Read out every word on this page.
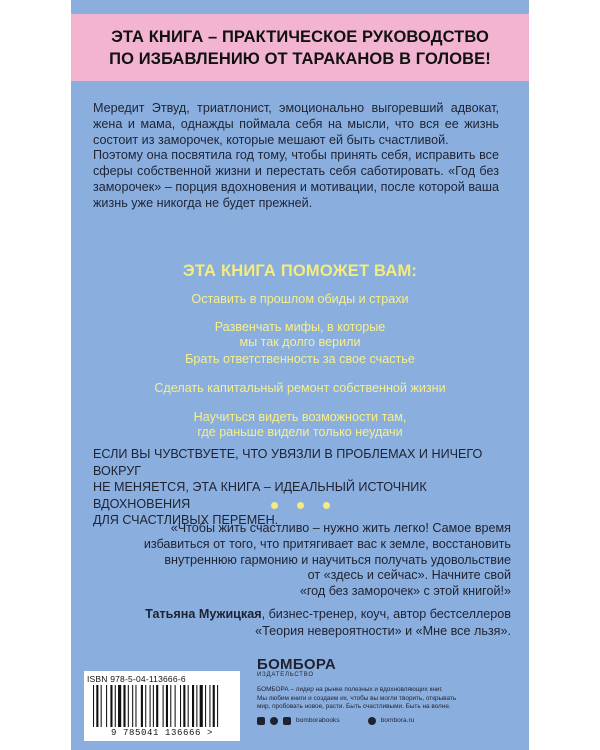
ЭТА КНИГА – ПРАКТИЧЕСКОЕ РУКОВОДСТВО
ПО ИЗБАВЛЕНИЮ ОТ ТАРАКАНОВ В ГОЛОВЕ!

Мередит Этвуд, триатлонист, эмоционально выгоревший адвокат, жена и мама, однажды поймала себя на мысли, что вся ее жизнь состоит из заморочек, которые мешают ей быть счастливой.

Поэтому она посвятила год тому, чтобы принять себя, исправить все сферы собственной жизни и перестать себя саботировать. «Год без заморочек» – порция вдохновения и мотивации, после которой ваша жизнь уже никогда не будет прежней.

ЭТА КНИГА ПОМОЖЕТ ВАМ:
Оставить в прошлом обиды и страхи
Развенчать мифы, в которые
мы так долго верили
Брать ответственность за свое счастье
Сделать капитальный ремонт собственной жизни
Научиться видеть возможности там,
где раньше видели только неудачи
ЕСЛИ ВЫ ЧУВСТВУЕТЕ, ЧТО УВЯЗЛИ В ПРОБЛЕМАХ И НИЧЕГО ВОКРУГ
НЕ МЕНЯЕТСЯ, ЭТА КНИГА – ИДЕАЛЬНЫЙ ИСТОЧНИК ВДОХНОВЕНИЯ
ДЛЯ СЧАСТЛИВЫХ ПЕРЕМЕН.
«Чтобы жить счастливо – нужно жить легко! Самое время
избавиться от того, что притягивает вас к земле, восстановить
внутреннюю гармонию и научиться получать удовольствие
от «здесь и сейчас». Начните свой
«год без заморочек» с этой книгой!»
Татьяна Мужицкая, бизнес-тренер, коуч, автор бестселлеров
«Теория невероятности» и «Мне все льзя».
ISBN 978-5-04-113666-6
9 785041 136666 >
БОМБОРА
ИЗДАТЕЛЬСТВО
БОМБОРА – лидер на рынке полезных и вдохновляющих книг.
Мы любим книги и создаем их, чтобы вы могли творить, открывать
мир, пробовать новое, расти. Быть счастливыми. Быть на волне.
bomborabooks	bombora.ru
